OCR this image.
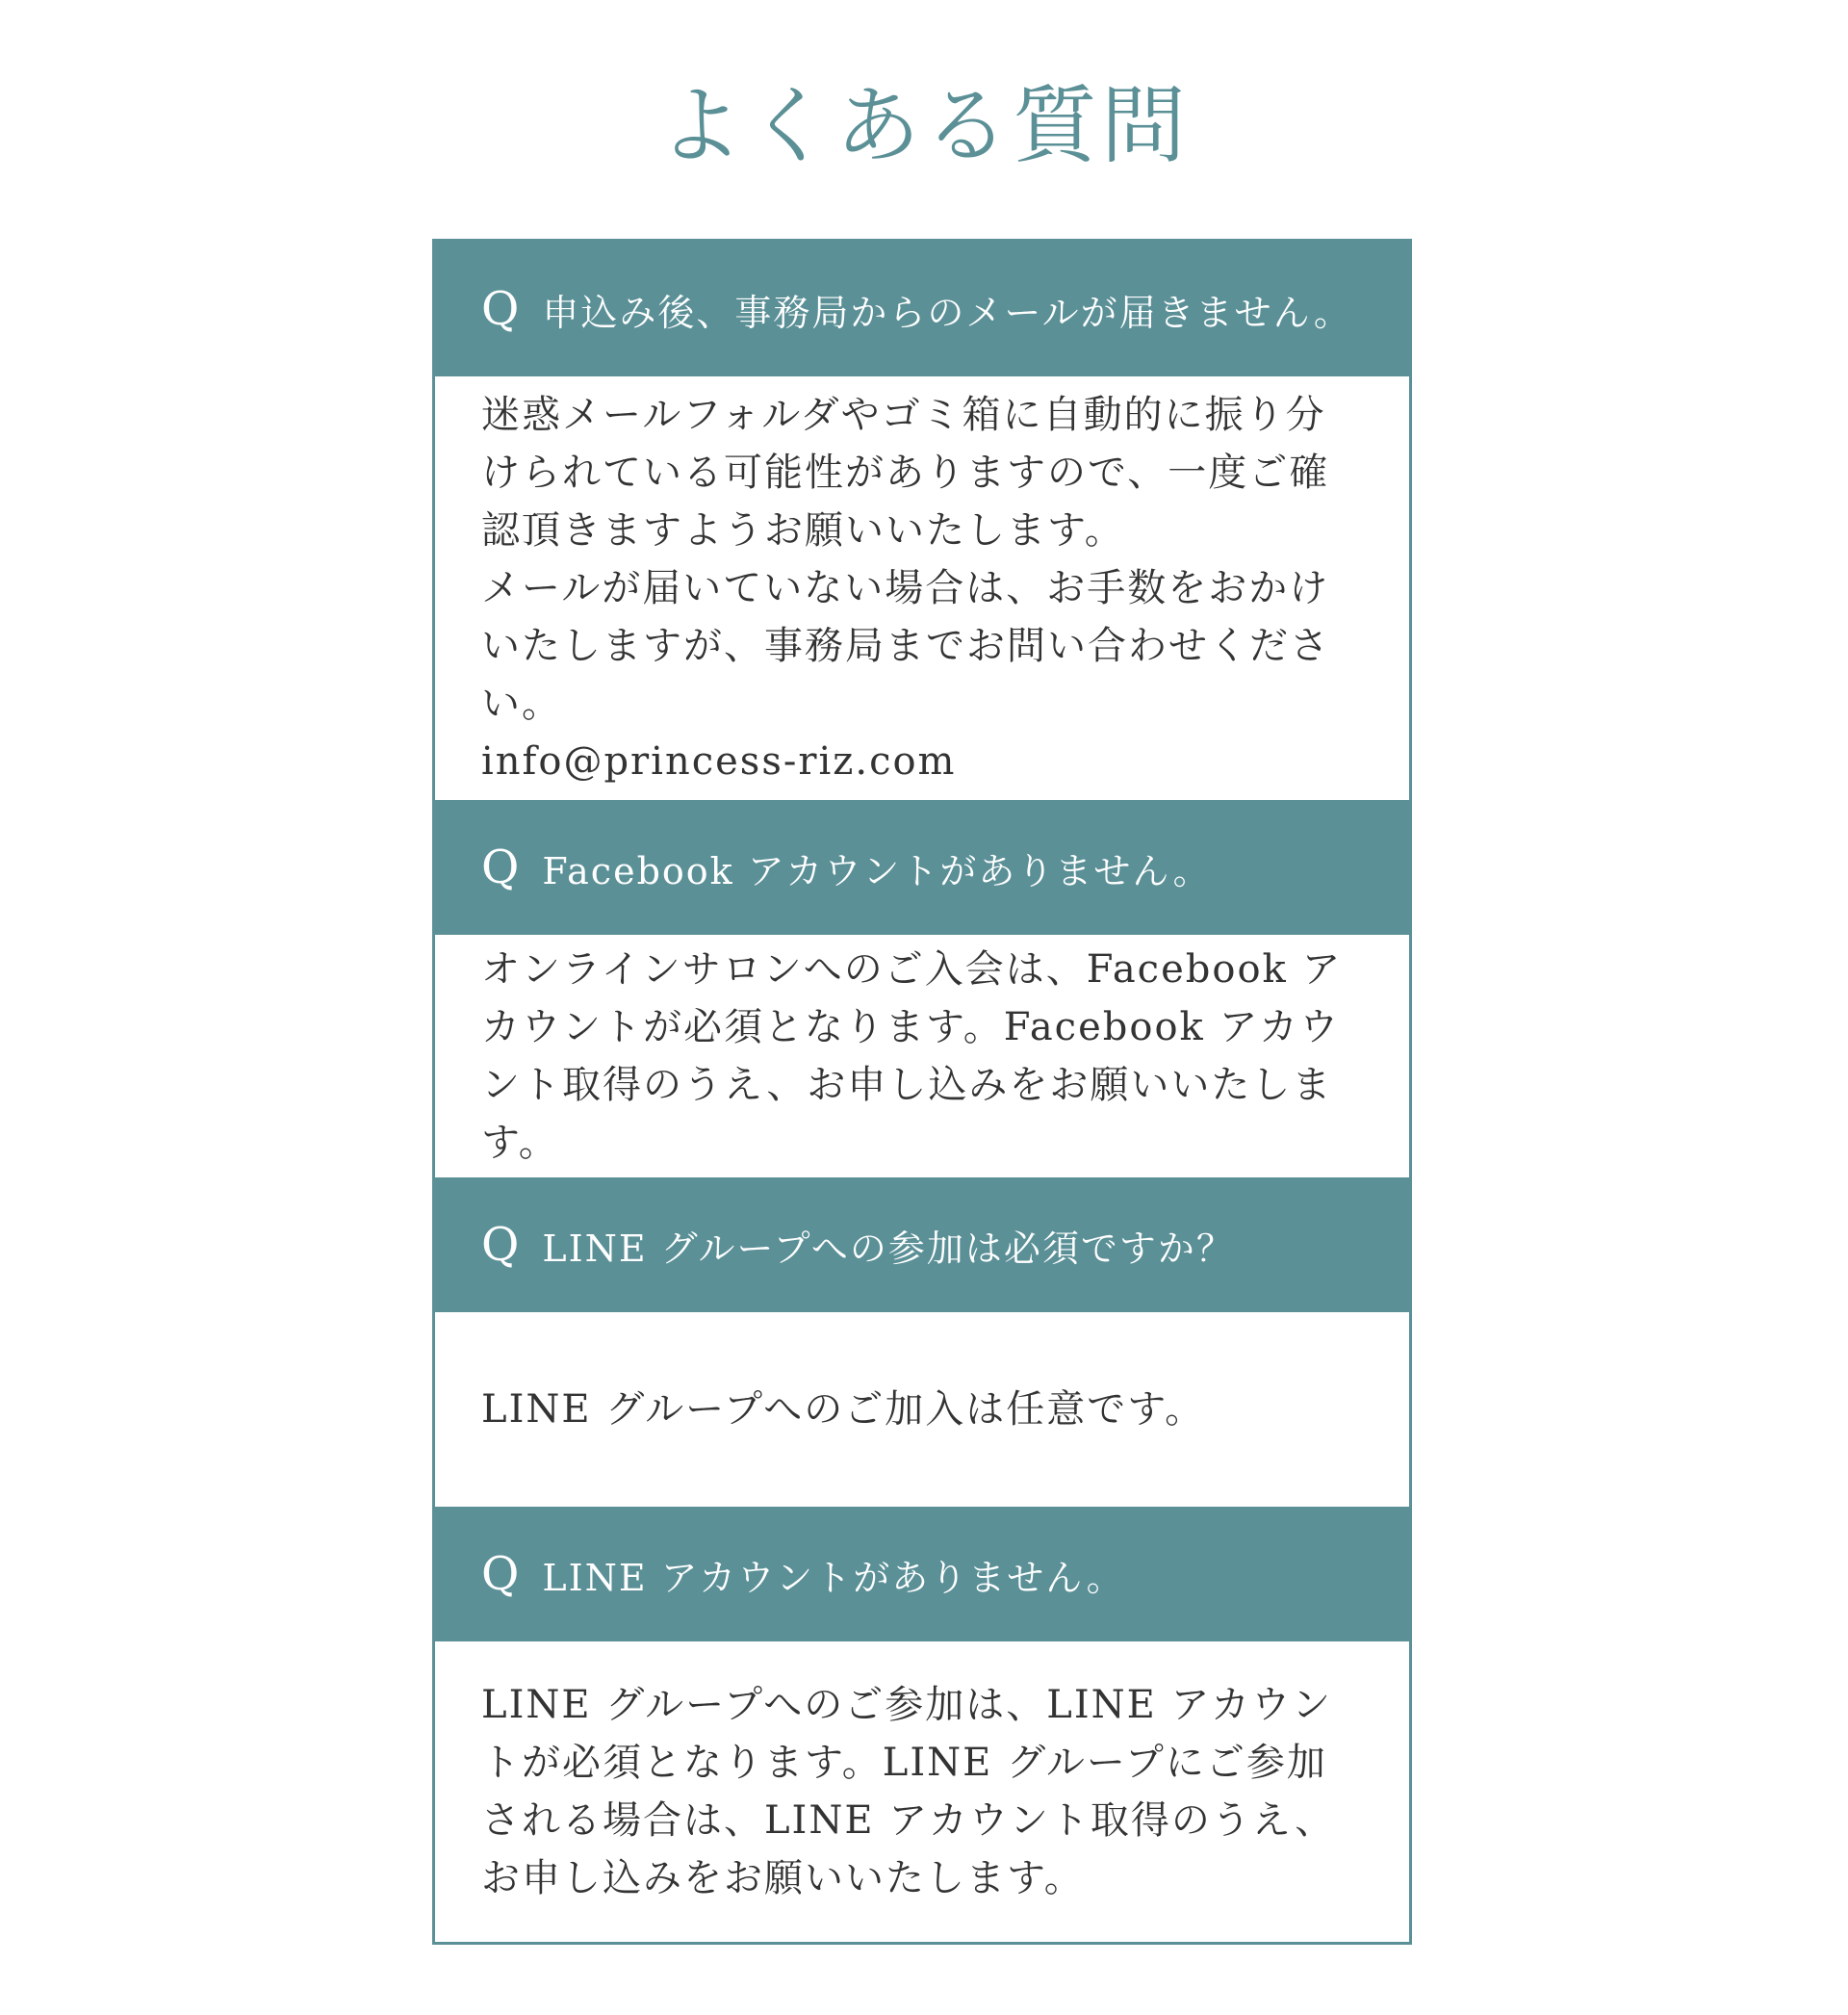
よくある質問
Q 申込み後、事務局からのメールが届きません。
迷惑メールフォルダやゴミ箱に自動的に振り分けられている可能性がありますので、一度ご確認頂きますようお願いいたします。
メールが届いていない場合は、お手数をおかけいたしますが、事務局までお問い合わせください。
info@princess-riz.com
Q Facebook アカウントがありません。
オンラインサロンへのご入会は、Facebook アカウントが必須となります。Facebook アカウント取得のうえ、お申し込みをお願いいたします。
Q LINE グループへの参加は必須ですか？
LINE グループへのご加入は任意です。
Q LINE アカウントがありません。
LINE グループへのご参加は、LINE アカウントが必須となります。LINE グループにご参加される場合は、LINE アカウント取得のうえ、お申し込みをお願いいたします。
